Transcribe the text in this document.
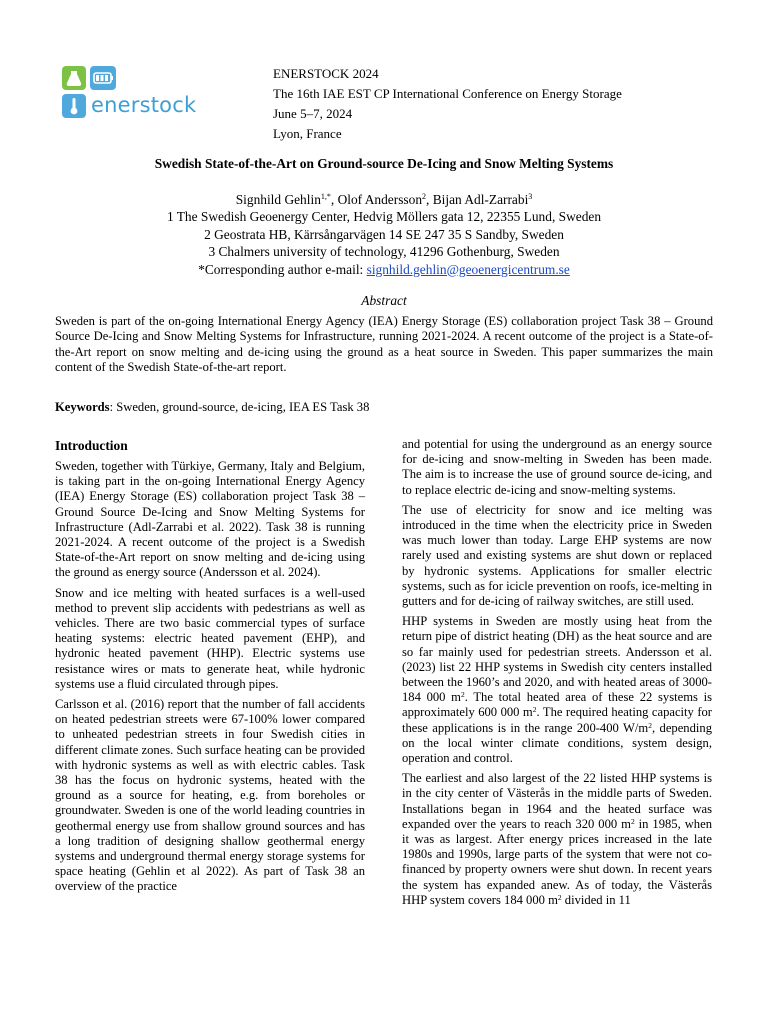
enerstock
ENERSTOCK 2024
The 16th IAE EST CP International Conference on Energy Storage
June 5–7, 2024
Lyon, France
Swedish State-of-the-Art on Ground-source De-Icing and Snow Melting Systems
Signhild Gehlin$^{1,*}$, Olof Andersson$^2$, Bijan Adl-Zarrabi$^3$
1 The Swedish Geoenergy Center, Hedvig Möllers gata 12, 22355 Lund, Sweden
2 Geostrata HB, Kärrsångarvägen 14 SE 247 35 S Sandby, Sweden
3 Chalmers university of technology, 41296 Gothenburg, Sweden
*Corresponding author e-mail: signhild.gehlin@geoenergicentrum.se
Abstract
Sweden is part of the on-going International Energy Agency (IEA) Energy Storage (ES) collaboration project Task 38 – Ground Source De-Icing and Snow Melting Systems for Infrastructure, running 2021-2024. A recent outcome of the project is a State-of-the-Art report on snow melting and de-icing using the ground as a heat source in Sweden. This paper summarizes the main content of the Swedish State-of-the-art report.
Keywords: Sweden, ground-source, de-icing, IEA ES Task 38
Introduction

Sweden, together with Türkiye, Germany, Italy and Belgium, is taking part in the on-going International Energy Agency (IEA) Energy Storage (ES) collaboration project Task 38 – Ground Source De-Icing and Snow Melting Systems for Infrastructure (Adl-Zarrabi et al. 2022). Task 38 is running 2021-2024. A recent outcome of the project is a Swedish State-of-the-Art report on snow melting and de-icing using the ground as energy source (Andersson et al. 2024).

Snow and ice melting with heated surfaces is a well-used method to prevent slip accidents with pedestrians as well as vehicles. There are two basic commercial types of surface heating systems: electric heated pavement (EHP), and hydronic heated pavement (HHP). Electric systems use resistance wires or mats to generate heat, while hydronic systems use a fluid circulated through pipes.

Carlsson et al. (2016) report that the number of fall accidents on heated pedestrian streets were 67-100% lower compared to unheated pedestrian streets in four Swedish cities in different climate zones. Such surface heating can be provided with hydronic systems as well as with electric cables. Task 38 has the focus on hydronic systems, heated with the ground as a source for heating, e.g. from boreholes or groundwater. Sweden is one of the world leading countries in geothermal energy use from shallow ground sources and has a long tradition of designing shallow geothermal energy systems and underground thermal energy storage systems for space heating (Gehlin et al 2022). As part of Task 38 an overview of the practice

and potential for using the underground as an energy source for de-icing and snow-melting in Sweden has been made. The aim is to increase the use of ground source de-icing, and to replace electric de-icing and snow-melting systems.

The use of electricity for snow and ice melting was introduced in the time when the electricity price in Sweden was much lower than today. Large EHP systems are now rarely used and existing systems are shut down or replaced by hydronic systems. Applications for smaller electric systems, such as for icicle prevention on roofs, ice-melting in gutters and for de-icing of railway switches, are still used.

HHP systems in Sweden are mostly using heat from the return pipe of district heating (DH) as the heat source and are so far mainly used for pedestrian streets. Andersson et al. (2023) list 22 HHP systems in Swedish city centers installed between the 1960’s and 2020, and with heated areas of 3000-184 000 $m^2$. The total heated area of these 22 systems is approximately 600 000 $m^2$. The required heating capacity for these applications is in the range 200-400 $W/m^2$, depending on the local winter climate conditions, system design, operation and control.

The earliest and also largest of the 22 listed HHP systems is in the city center of Västerås in the middle parts of Sweden. Installations began in 1964 and the heated surface was expanded over the years to reach 320 000 $m^2$ in 1985, when it was as largest. After energy prices increased in the late 1980s and 1990s, large parts of the system that were not co-financed by property owners were shut down. In recent years the system has expanded anew. As of today, the Västerås HHP system covers 184 000 $m^2$ divided in 11
